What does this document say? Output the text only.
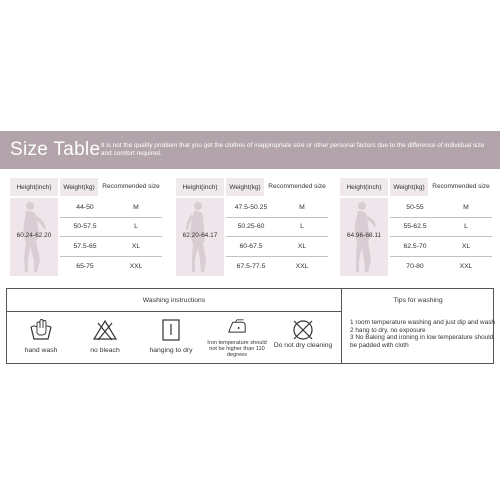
Size Table It is not the quality problem that you get the clothes of inappropriate size or other personal factors due to the difference of individual size and comfort required.
Height(inch)	Weight(kg)	Recommended size
60.24-62.20
44-50	M
50-57.5	L
57.5-65	XL
65-75	XXL
Height(inch)	Weight(kg)	Recommended size
62.20-64.17
47.5-50.25	M
50.25-60	L
60-67.5	XL
67.5-77.5	XXL
Height(inch)	Weight(kg)	Recommended size
64.96-68.11
50-55	M
55-62.5	L
62.5-70	XL
70-80	XXL
Washing instructions	Tips for washing
hand wash	no bleach	hanging to dry
Iron temperature should not be higher than 110 degrees
Do not dry cleaning
1 room temperature washing and just dip and wash
2 hang to dry, no exposure
3 No Baking and ironing in low temperature should be padded with cloth
